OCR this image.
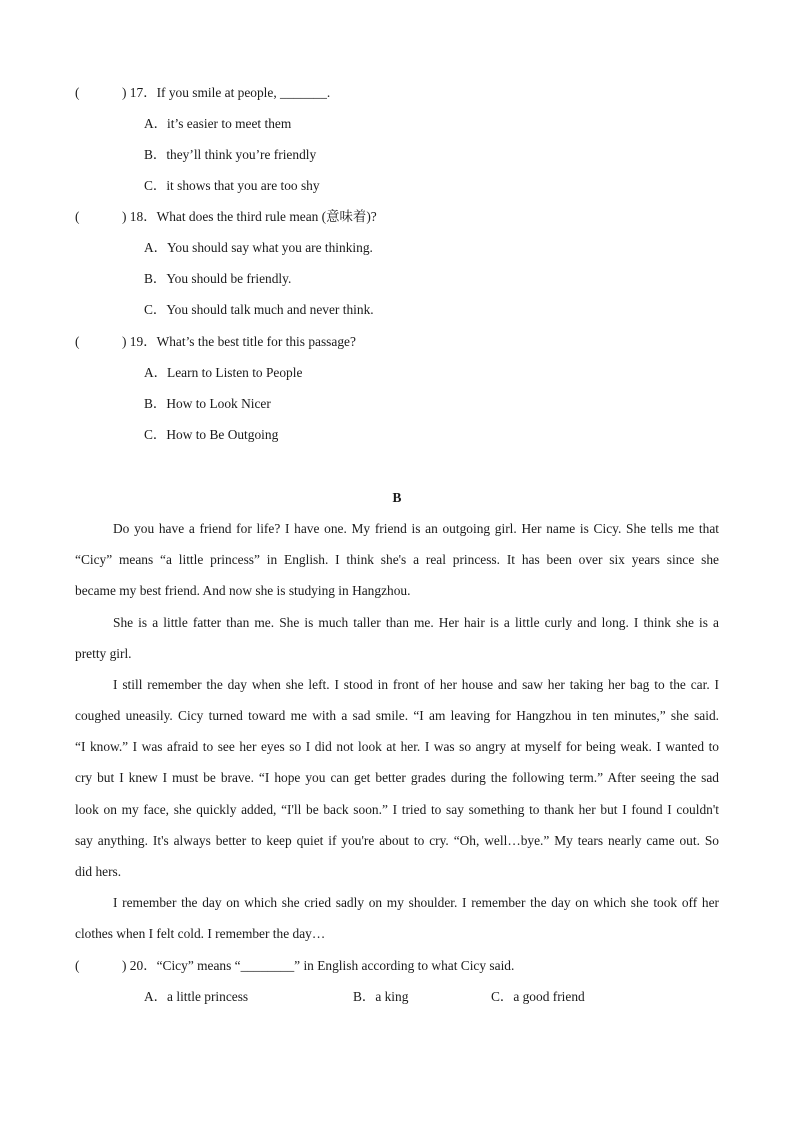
(	) 17．If you smile at people, _______.
A．it’s easier to meet them
B．they’ll think you’re friendly
C．it shows that you are too shy
(	) 18．What does the third rule mean (意味着)?
A．You should say what you are thinking.
B．You should be friendly.
C．You should talk much and never think.
(	) 19．What’s the best title for this passage?
A．Learn to Listen to People
B．How to Look Nicer
C．How to Be Outgoing
B
Do you have a friend for life? I have one. My friend is an outgoing girl. Her name is Cicy. She tells me that
“Cicy” means “a little princess” in English. I think she's a real princess. It has been over six years since she
became my best friend. And now she is studying in Hangzhou.
She is a little fatter than me. She is much taller than me. Her hair is a little curly and long. I think she is a
pretty girl.
I still remember the day when she left. I stood in front of her house and saw her taking her bag to the car. I
coughed uneasily. Cicy turned toward me with a sad smile. “I am leaving for Hangzhou in ten minutes,” she said.
“I know.” I was afraid to see her eyes so I did not look at her. I was so angry at myself for being weak. I wanted to
cry but I knew I must be brave. “I hope you can get better grades during the following term.” After seeing the sad
look on my face, she quickly added, “I'll be back soon.” I tried to say something to thank her but I found I couldn't
say anything. It's always better to keep quiet if you're about to cry. “Oh, well…bye.” My tears nearly came out. So
did hers.
I remember the day on which she cried sadly on my shoulder. I remember the day on which she took off her
clothes when I felt cold. I remember the day…
(	) 20．“Cicy” means “________” in English according to what Cicy said.
A．a little princess	B．a king	C．a good friend
